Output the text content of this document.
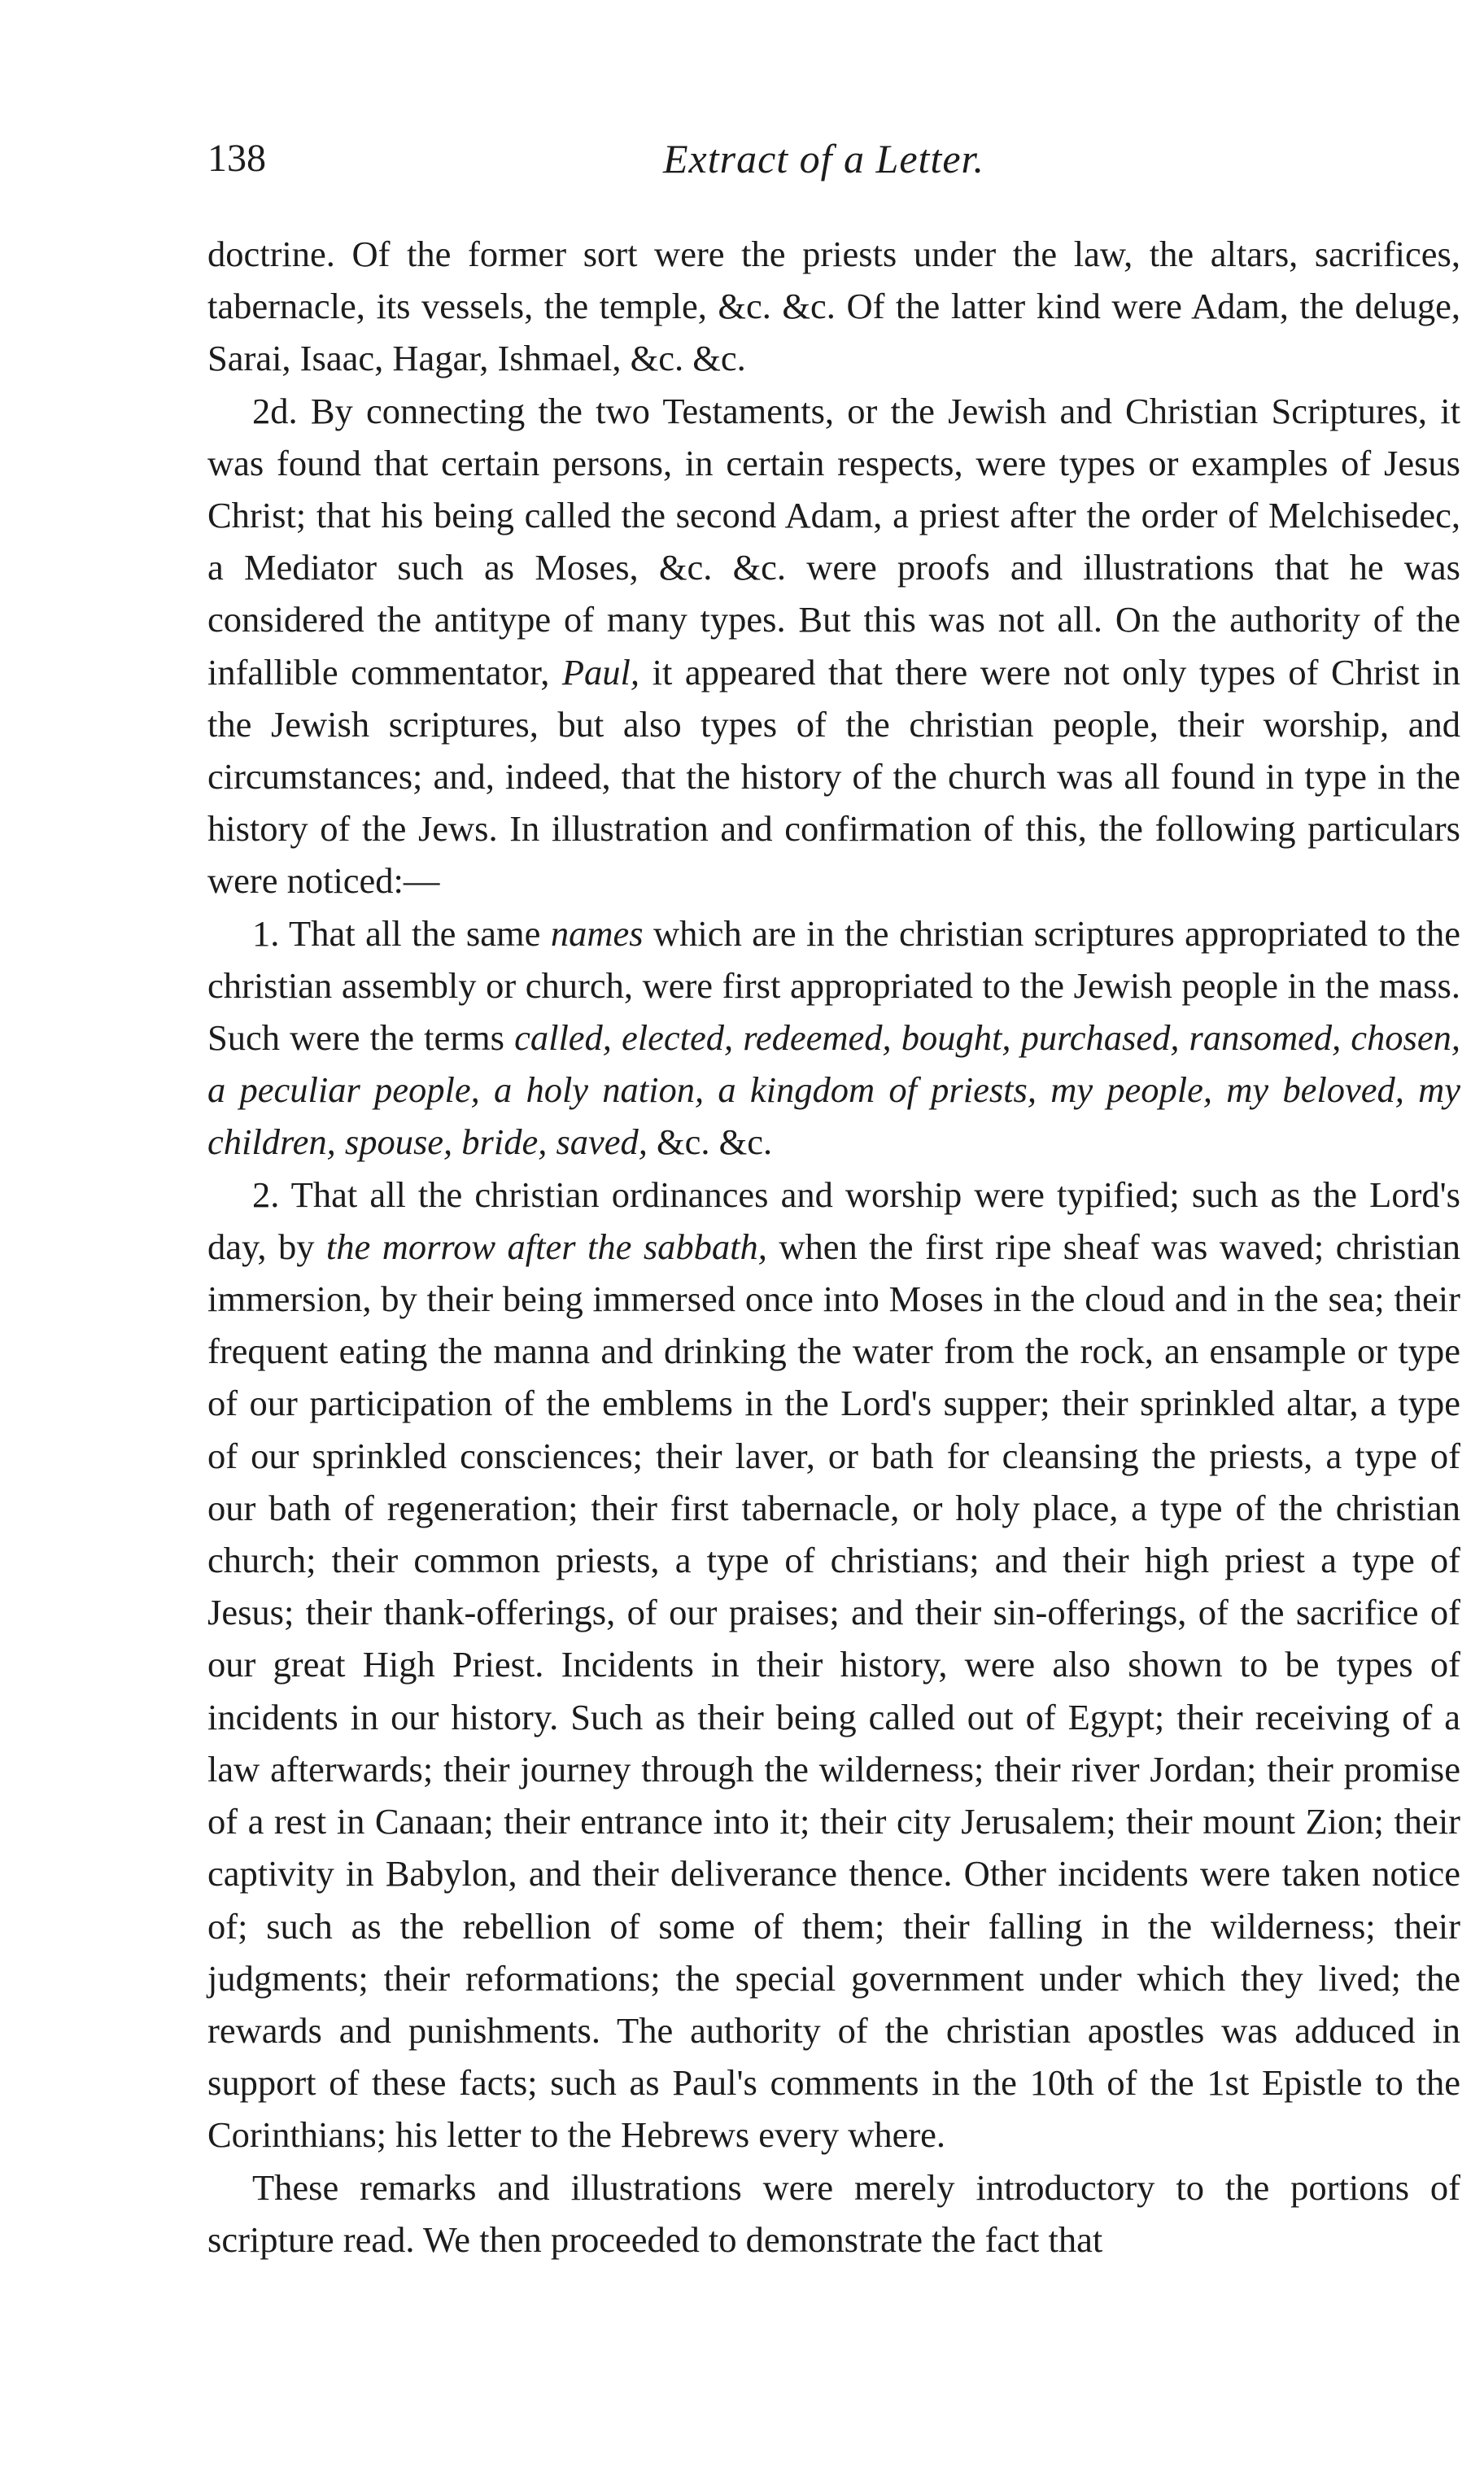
138	Extract of a Letter.

doctrine. Of the former sort were the priests under the law, the altars, sacrifices, tabernacle, its vessels, the temple, &c. &c. Of the latter kind were Adam, the deluge, Sarai, Isaac, Hagar, Ishmael, &c. &c.

2d. By connecting the two Testaments, or the Jewish and Christian Scriptures, it was found that certain persons, in certain respects, were types or examples of Jesus Christ; that his being called the second Adam, a priest after the order of Melchisedec, a Mediator such as Moses, &c. &c. were proofs and illustrations that he was considered the antitype of many types. But this was not all. On the authority of the infallible commentator, Paul, it appeared that there were not only types of Christ in the Jewish scriptures, but also types of the christian people, their worship, and circumstances; and, indeed, that the history of the church was all found in type in the history of the Jews. In illustration and confirmation of this, the following particulars were noticed:—

1. That all the same names which are in the christian scriptures appropriated to the christian assembly or church, were first appropriated to the Jewish people in the mass. Such were the terms called, elected, redeemed, bought, purchased, ransomed, chosen, a peculiar people, a holy nation, a kingdom of priests, my people, my beloved, my children, spouse, bride, saved, &c. &c.

2. That all the christian ordinances and worship were typified; such as the Lord's day, by the morrow after the sabbath, when the first ripe sheaf was waved; christian immersion, by their being immersed once into Moses in the cloud and in the sea; their frequent eating the manna and drinking the water from the rock, an ensample or type of our participation of the emblems in the Lord's supper; their sprinkled altar, a type of our sprinkled consciences; their laver, or bath for cleansing the priests, a type of our bath of regeneration; their first tabernacle, or holy place, a type of the christian church; their common priests, a type of christians; and their high priest a type of Jesus; their thank-offerings, of our praises; and their sin-offerings, of the sacrifice of our great High Priest. Incidents in their history, were also shown to be types of incidents in our history. Such as their being called out of Egypt; their receiving of a law afterwards; their journey through the wilderness; their river Jordan; their promise of a rest in Canaan; their entrance into it; their city Jerusalem; their mount Zion; their captivity in Babylon, and their deliverance thence. Other incidents were taken notice of; such as the rebellion of some of them; their falling in the wilderness; their judgments; their reformations; the special government under which they lived; the rewards and punishments. The authority of the christian apostles was adduced in support of these facts; such as Paul's comments in the 10th of the 1st Epistle to the Corinthians; his letter to the Hebrews every where.

These remarks and illustrations were merely introductory to the portions of scripture read. We then proceeded to demonstrate the fact that
